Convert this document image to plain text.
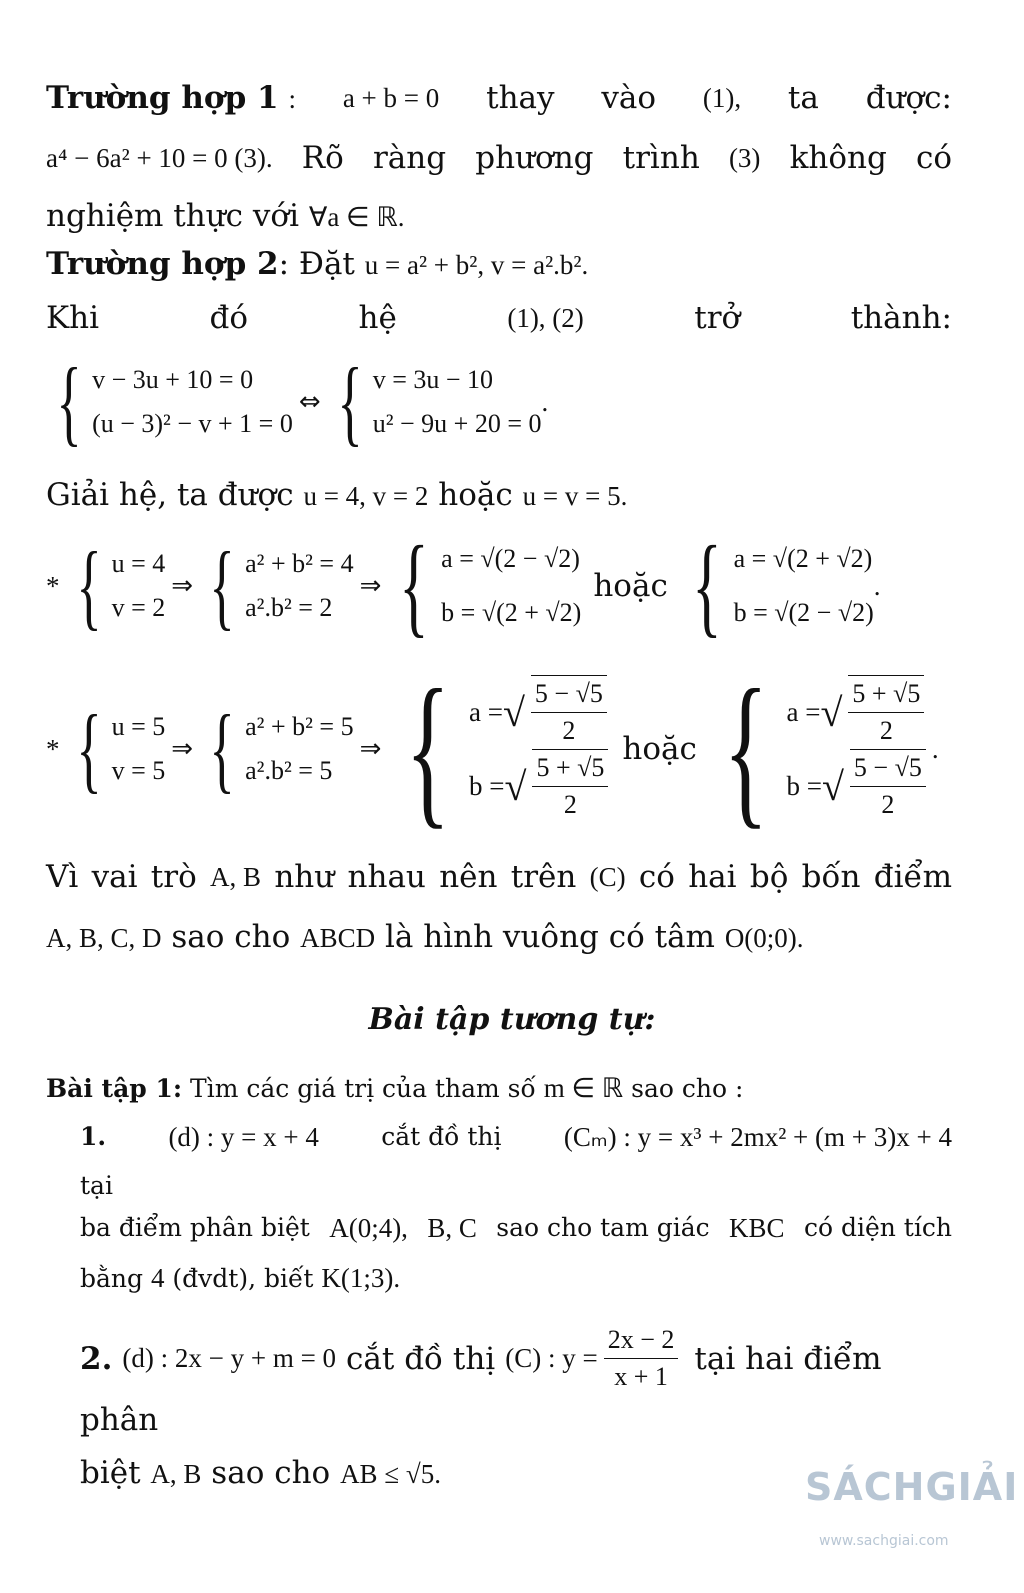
Trường hợp 1 : a + b = 0 thay vào (1), ta được:
a⁴ − 6a² + 10 = 0 (3). Rõ ràng phương trình (3) không có
nghiệm thực với ∀a ∈ ℝ.
Trường hợp 2: Đặt u = a² + b², v = a².b².
Khi	đó	hệ	(1), (2)	trở	thành:
{ v − 3u + 10 = 0
(u − 3)² − v + 1 = 0
⇔ { v = 3u − 10
u² − 9u + 20 = 0
.
Giải hệ, ta được u = 4, v = 2 hoặc u = v = 5.
* { u = 4
v = 2
⇒ { a² + b² = 4
a².b² = 2
⇒ { a = √(2 − √2)
b = √(2 + √2)
hoặc { a = √(2 + √2)
b = √(2 − √2)
.
* { u = 5
v = 5
⇒ { a² + b² = 5
a².b² = 5
⇒ { a = √ $\frac{5 - √5}{2}$
b = √ $\frac{5 + √5}{2}$ hoặc { a = √ $\frac{5 + √5}{2}$
b = √ $\frac{5 - √5}{2}$
.
Vì vai trò A, B như nhau nên trên (C) có hai bộ bốn điểm
A, B, C, D sao cho ABCD là hình vuông có tâm O(0;0).
Bài tập tương tự:
Bài tập 1: Tìm các giá trị của tham số m ∈ ℝ sao cho :
1. (d) : y = x + 4 cắt đồ thị (Cₘ) : y = x³ + 2mx² + (m + 3)x + 4
tại
ba điểm phân biệt A(0;4), B, C sao cho tam giác KBC có diện tích
bằng 4 (đvdt), biết K(1;3).
2. (d) : 2x − y + m = 0 cắt đồ thị (C) : $y = \frac{2x - 2}{x + 1}$ tại hai điểm
phân
biệt A, B sao cho AB ≤ √5.	SÁCHGIẢI
www.sachgiai.com
